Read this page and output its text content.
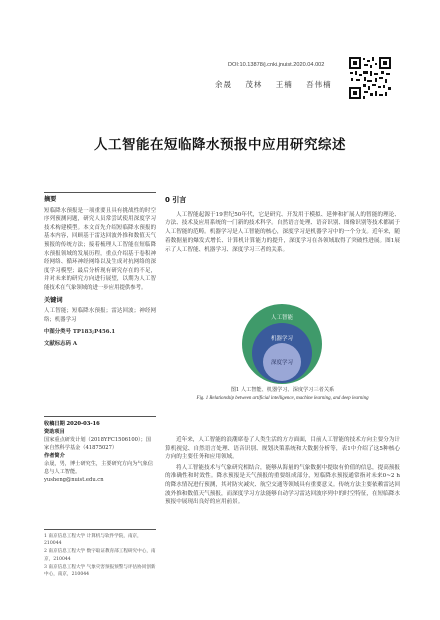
DOI:10.13878/j.cnki.jnuist.2020.04.002
余晟 茂林 王楠 吾伟楠
人工智能在短临降水预报中应用研究综述
摘要

短临降水预报是一项重要且具有挑战性的时空序列预测问题，研究人员常尝试使用深度学习技术构建模型。本文首先介绍短临降水预报的基本内容，回顾基于雷达回波外推和数值天气预报的传统方法；接着梳理人工智能在短临降水预报领域的发展历程，重点介绍基于卷积神经网络、循环神经网络以及生成对抗网络的深度学习模型；最后分析现有研究存在的不足，并对未来的研究方向进行展望，以期为人工智能技术在气象领域的进一步应用提供参考。

关键词

人工智能；短临降水预报；雷达回波；神经网络；机器学习

中图分类号 TP183;P456.1

文献标志码 A

收稿日期 2020-03-16
资助项目
国家重点研发计划（2018YFC1506100）；国家自然科学基金（41875027）
作者简介
余晟，男，博士研究生，主要研究方向为气象信息与人工智能。
yusheng@nuist.edu.cn
1 南京信息工程大学 计算机与软件学院，南京，210044
2 南京信息工程大学 数字取证教育部工程研究中心，南京，210044
3 南京信息工程大学 气象灾害预报预警与评估协同创新中心，南京，210044
0 引言

人工智能起源于19世纪50年代，它是研究、开发用于模拟、延伸和扩展人的智能的理论、方法、技术及应用系统的一门新的技术科学。自然语言处理、语音识别、图像识别等技术都属于人工智能的范畴。机器学习是人工智能的核心，深度学习是机器学习中的一个分支。近年来，随着数据量的爆发式增长、计算机计算能力的提升，深度学习在各领域取得了突破性进展。图1展示了人工智能、机器学习、深度学习三者的关系。

人工智能
机器学习
深度学习
图1 人工智能、机器学习、深度学习三者关系
Fig. 1 Relationship between artificial intelligence, machine learning, and deep learning

近年来，人工智能的浪潮席卷了人类生活的方方面面，目前人工智能的技术方向主要分为计算机视觉、自然语言处理、语音识别、规划决策系统和大数据分析等，表1中介绍了这5种核心方向的主要任务和应用领域。

将人工智能技术与气象研究相结合，能够从海量的气象数据中提取有价值的信息，提高预报的准确性和时效性。降水预报是天气预报的重要组成部分，短临降水预报通常指对未来0~2 h的降水情况进行预测，其对防灾减灾、航空交通等领域具有重要意义。传统方法主要依赖雷达回波外推和数值天气预报，而深度学习方法能够自动学习雷达回波序列中的时空特征，在短临降水预报中展现出良好的应用前景。
